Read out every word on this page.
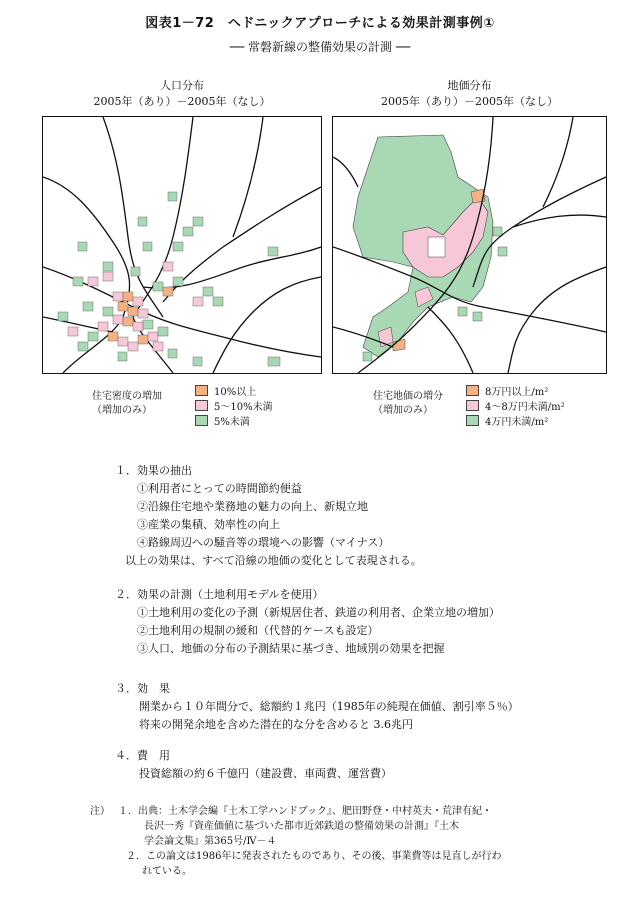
図表1－72　ヘドニックアプローチによる効果計測事例①
── 常磐新線の整備効果の計測 ──
人口分布
2005年（あり）－2005年（なし）
地価分布
2005年（あり）－2005年（なし）
住宅密度の増加
（増加のみ）
10%以上
5～10%未満
5%未満
住宅地価の増分
（増加のみ）
8万円以上/m²
4～8万円未満/m²
4万円未満/m²
１．効果の抽出
①利用者にとっての時間節約便益
②沿線住宅地や業務地の魅力の向上、新規立地
③産業の集積、効率性の向上
④路線周辺への騒音等の環境への影響（マイナス）
以上の効果は、すべて沿線の地価の変化として表現される。
２．効果の計測（土地利用モデルを使用）
①土地利用の変化の予測（新規居住者、鉄道の利用者、企業立地の増加）
②土地利用の規制の緩和（代替的ケースも設定）
③人口、地価の分布の予測結果に基づき、地域別の効果を把握
３．効　果
開業から１０年間分で、総額約１兆円（1985年の純現在価値、割引率５％）
将来の開発余地を含めた潜在的な分を含めると 3.6兆円
４．費　用
投資総額の約６千億円（建設費、車両費、運営費）
注） １．出典：土木学会編『土木工学ハンドブック』、肥田野登・中村英夫・荒津有紀・
長沢一秀『資産価値に基づいた都市近郊鉄道の整備効果の計測』『土木
学会論文集』第365号/Ⅳ－４
２．この論文は1986年に発表されたものであり、その後、事業費等は見直しが行わ
れている。
